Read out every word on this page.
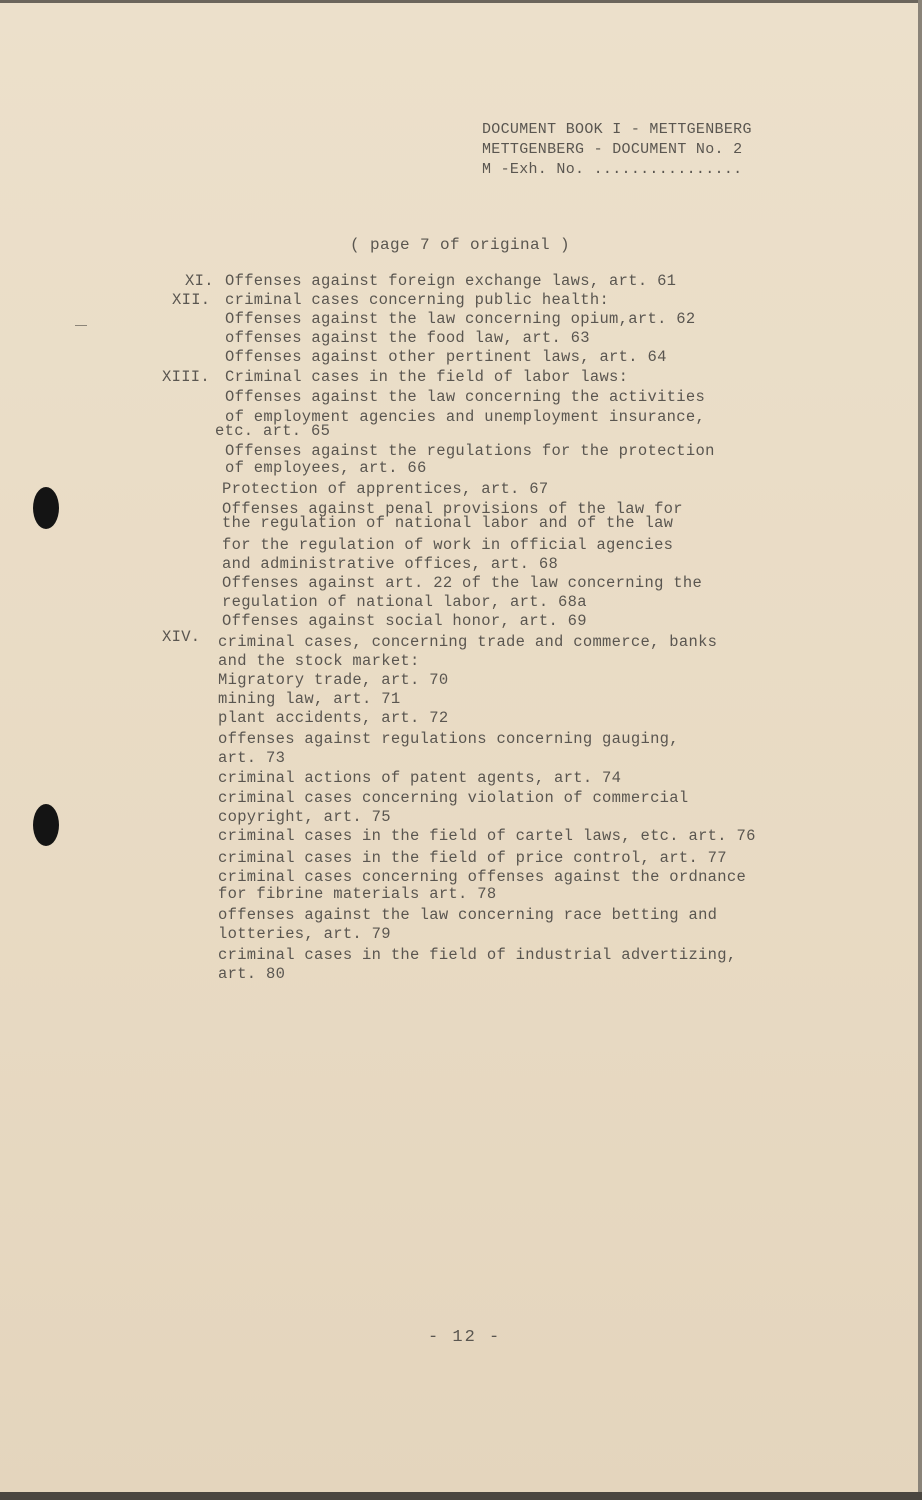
DOCUMENT BOOK I - METTGENBERG
METTGENBERG - DOCUMENT No. 2
M -Exh. No. ................
( page 7 of original )
XI.
XII.
XIII.
XIV.
Offenses against foreign exchange laws, art. 61
criminal cases concerning public health:
Offenses against the law concerning opium,art. 62
offenses against the food law, art. 63
Offenses against other pertinent laws, art. 64
Criminal cases in the field of labor laws:
Offenses against the law concerning the activities
of employment agencies and unemployment insurance,
etc. art. 65
Offenses against the regulations for the protection
of employees, art. 66
Protection of apprentices, art. 67
Offenses against penal provisions of the law for
the regulation of national labor and of the law
for the regulation of work in official agencies
and administrative offices, art. 68
Offenses against art. 22 of the law concerning the
regulation of national labor, art. 68a
Offenses against social honor, art. 69
criminal cases, concerning trade and commerce, banks
and the stock market:
Migratory trade, art. 70
mining law, art. 71
plant accidents, art. 72
offenses against regulations concerning gauging,
art. 73
criminal actions of patent agents, art. 74
criminal cases concerning violation of commercial
copyright, art. 75
criminal cases in the field of cartel laws, etc. art. 76
criminal cases in the field of price control, art. 77
criminal cases concerning offenses against the ordnance
for fibrine materials art. 78
offenses against the law concerning race betting and
lotteries, art. 79
criminal cases in the field of industrial advertizing,
art. 80
- 12 -
